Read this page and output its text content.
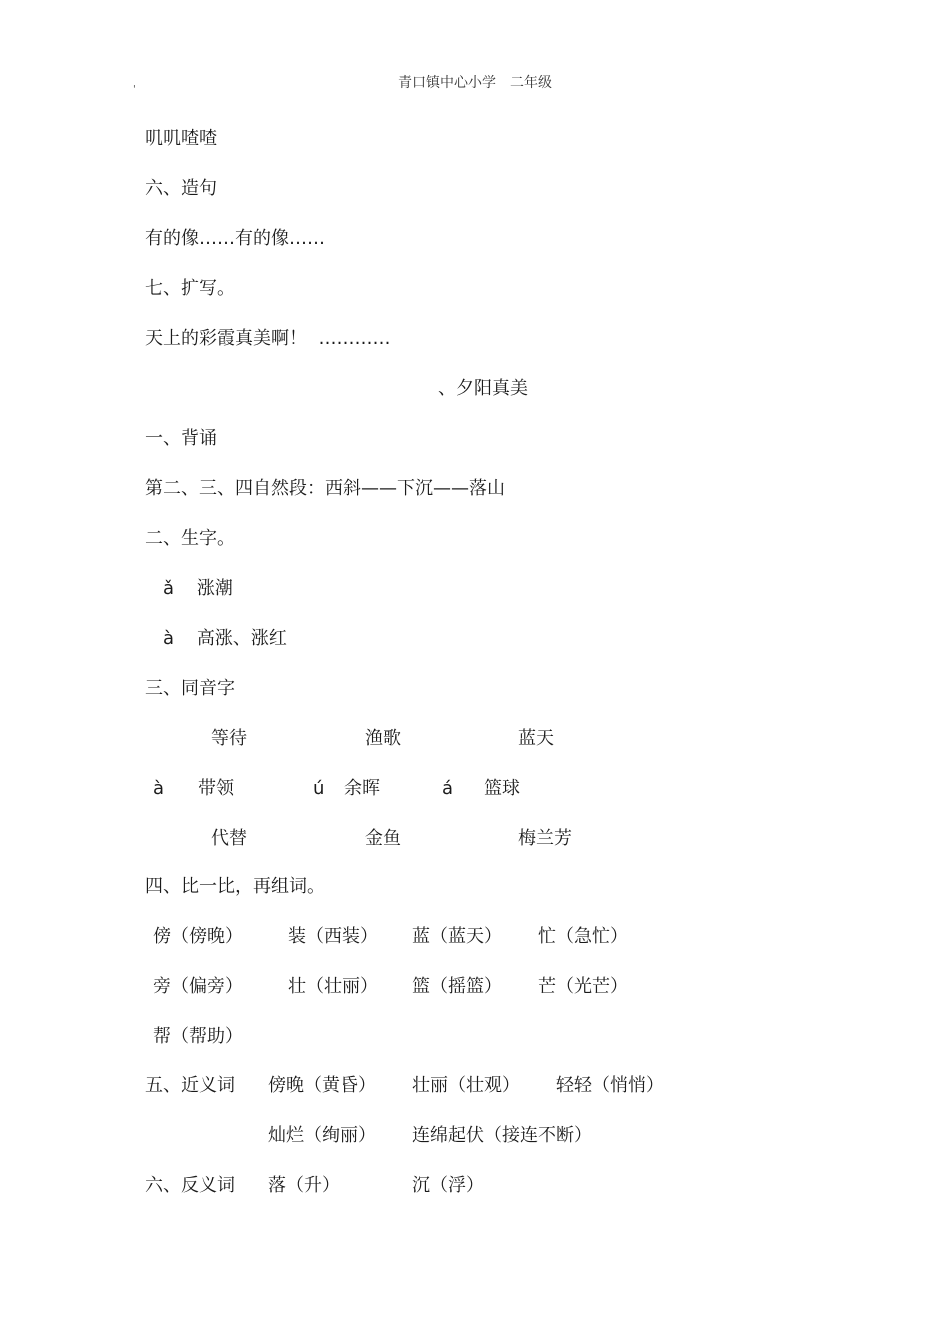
青口镇中心小学　二年级
'
叽叽喳喳
六、造句
有的像……有的像……
七、扩写。
天上的彩霞真美啊！  …………
、夕阳真美
一、背诵
第二、三、四自然段：西斜——下沉——落山
二、生字。
ǎ    涨潮
à    高涨、涨红
三、同音字
等待	渔歌	蓝天
à 带领	ú 余晖	á 篮球
代替	金鱼	梅兰芳
四、比一比，再组词。
傍（傍晚）	装（西装） 蓝（蓝天） 忙（急忙）
旁（偏旁）	壮（壮丽） 篮（摇篮） 芒（光芒）
帮（帮助）
五、近义词 傍晚（黄昏） 壮丽（壮观） 轻轻（悄悄）
灿烂（绚丽） 连绵起伏（接连不断）
六、反义词 落（升）	沉（浮）
